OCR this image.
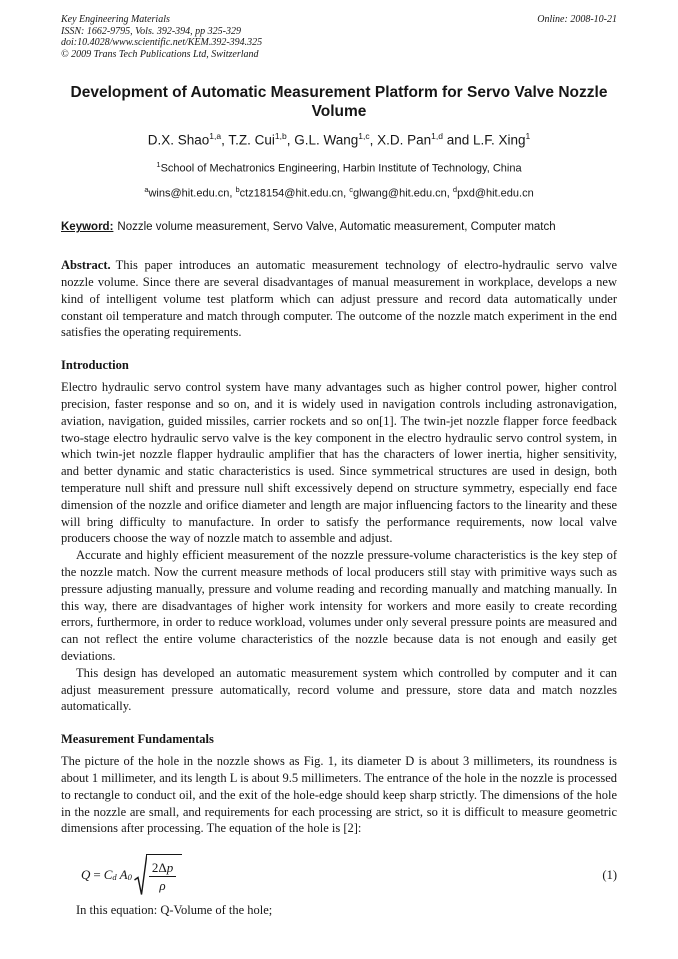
Key Engineering Materials
ISSN: 1662-9795, Vols. 392-394, pp 325-329
doi:10.4028/www.scientific.net/KEM.392-394.325
© 2009 Trans Tech Publications Ltd, Switzerland
Online: 2008-10-21
Development of Automatic Measurement Platform for Servo Valve Nozzle Volume
D.X. Shao$^{1,a}$, T.Z. Cui$^{1,b}$, G.L. Wang$^{1,c}$, X.D. Pan$^{1,d}$ and L.F. Xing$^1$
$^1$School of Mechatronics Engineering, Harbin Institute of Technology, China
$^a$wins@hit.edu.cn, $^b$ctz18154@hit.edu.cn, $^c$glwang@hit.edu.cn, $^d$pxd@hit.edu.cn
Keyword: Nozzle volume measurement, Servo Valve, Automatic measurement, Computer match

Abstract. This paper introduces an automatic measurement technology of electro-hydraulic servo valve nozzle volume. Since there are several disadvantages of manual measurement in workplace, develops a new kind of intelligent volume test platform which can adjust pressure and record data automatically under constant oil temperature and match through computer. The outcome of the nozzle match experiment in the end satisfies the operating requirements.

Introduction

Electro hydraulic servo control system have many advantages such as higher control power, higher control precision, faster response and so on, and it is widely used in navigation controls including astronavigation, aviation, navigation, guided missiles, carrier rockets and so on[1]. The twin-jet nozzle flapper force feedback two-stage electro hydraulic servo valve is the key component in the electro hydraulic servo control system, in which twin-jet nozzle flapper hydraulic amplifier that has the characters of lower inertia, higher sensitivity, and better dynamic and static characteristics is used. Since symmetrical structures are used in design, both temperature null shift and pressure null shift excessively depend on structure symmetry, especially end face dimension of the nozzle and orifice diameter and length are major influencing factors to the linearity and these will bring difficulty to manufacture. In order to satisfy the performance requirements, now local valve producers choose the way of nozzle match to assemble and adjust.

Accurate and highly efficient measurement of the nozzle pressure-volume characteristics is the key step of the nozzle match. Now the current measure methods of local producers still stay with primitive ways such as pressure adjusting manually, pressure and volume reading and recording manually and matching manually. In this way, there are disadvantages of higher work intensity for workers and more easily to create recording errors, furthermore, in order to reduce workload, volumes under only several pressure points are measured and can not reflect the entire volume characteristics of the nozzle because data is not enough and easily get deviations.

This design has developed an automatic measurement system which controlled by computer and it can adjust measurement pressure automatically, record volume and pressure, store data and match nozzles automatically.

Measurement Fundamentals

The picture of the hole in the nozzle shows as Fig. 1, its diameter D is about 3 millimeters, its roundness is about 1 millimeter, and its length L is about 9.5 millimeters. The entrance of the hole in the nozzle is processed to rectangle to conduct oil, and the exit of the hole-edge should keep sharp strictly. The dimensions of the hole in the nozzle are small, and requirements for each processing are strict, so it is difficult to measure geometric dimensions after processing. The equation of the hole is [2]:

$Q = C_d$ $A_0 \frac{2\Delta p}{\rho}$	(1)

In this equation: Q-Volume of the hole;
